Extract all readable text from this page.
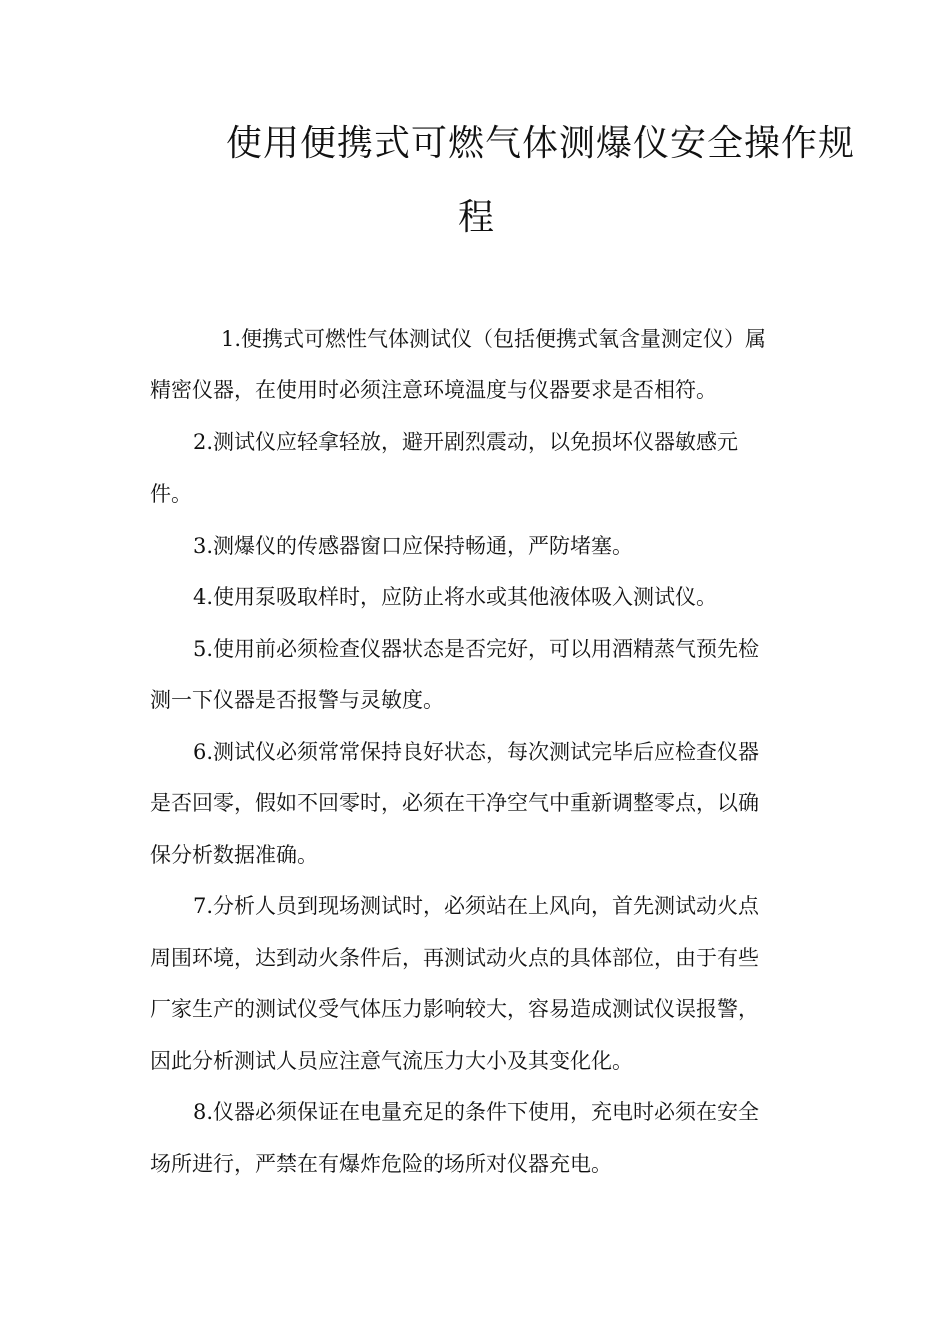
使用便携式可燃气体测爆仪安全操作规
程

1.便携式可燃性气体测试仪（包括便携式氧含量测定仪）属

精密仪器，在使用时必须注意环境温度与仪器要求是否相符。

2.测试仪应轻拿轻放，避开剧烈震动，以免损坏仪器敏感元

件。

3.测爆仪的传感器窗口应保持畅通，严防堵塞。

4.使用泵吸取样时，应防止将水或其他液体吸入测试仪。

5.使用前必须检查仪器状态是否完好，可以用酒精蒸气预先检

测一下仪器是否报警与灵敏度。

6.测试仪必须常常保持良好状态，每次测试完毕后应检查仪器

是否回零，假如不回零时，必须在干净空气中重新调整零点，以确

保分析数据准确。

7.分析人员到现场测试时，必须站在上风向，首先测试动火点

周围环境，达到动火条件后，再测试动火点的具体部位，由于有些

厂家生产的测试仪受气体压力影响较大，容易造成测试仪误报警，

因此分析测试人员应注意气流压力大小及其变化化。

8.仪器必须保证在电量充足的条件下使用，充电时必须在安全

场所进行，严禁在有爆炸危险的场所对仪器充电。
